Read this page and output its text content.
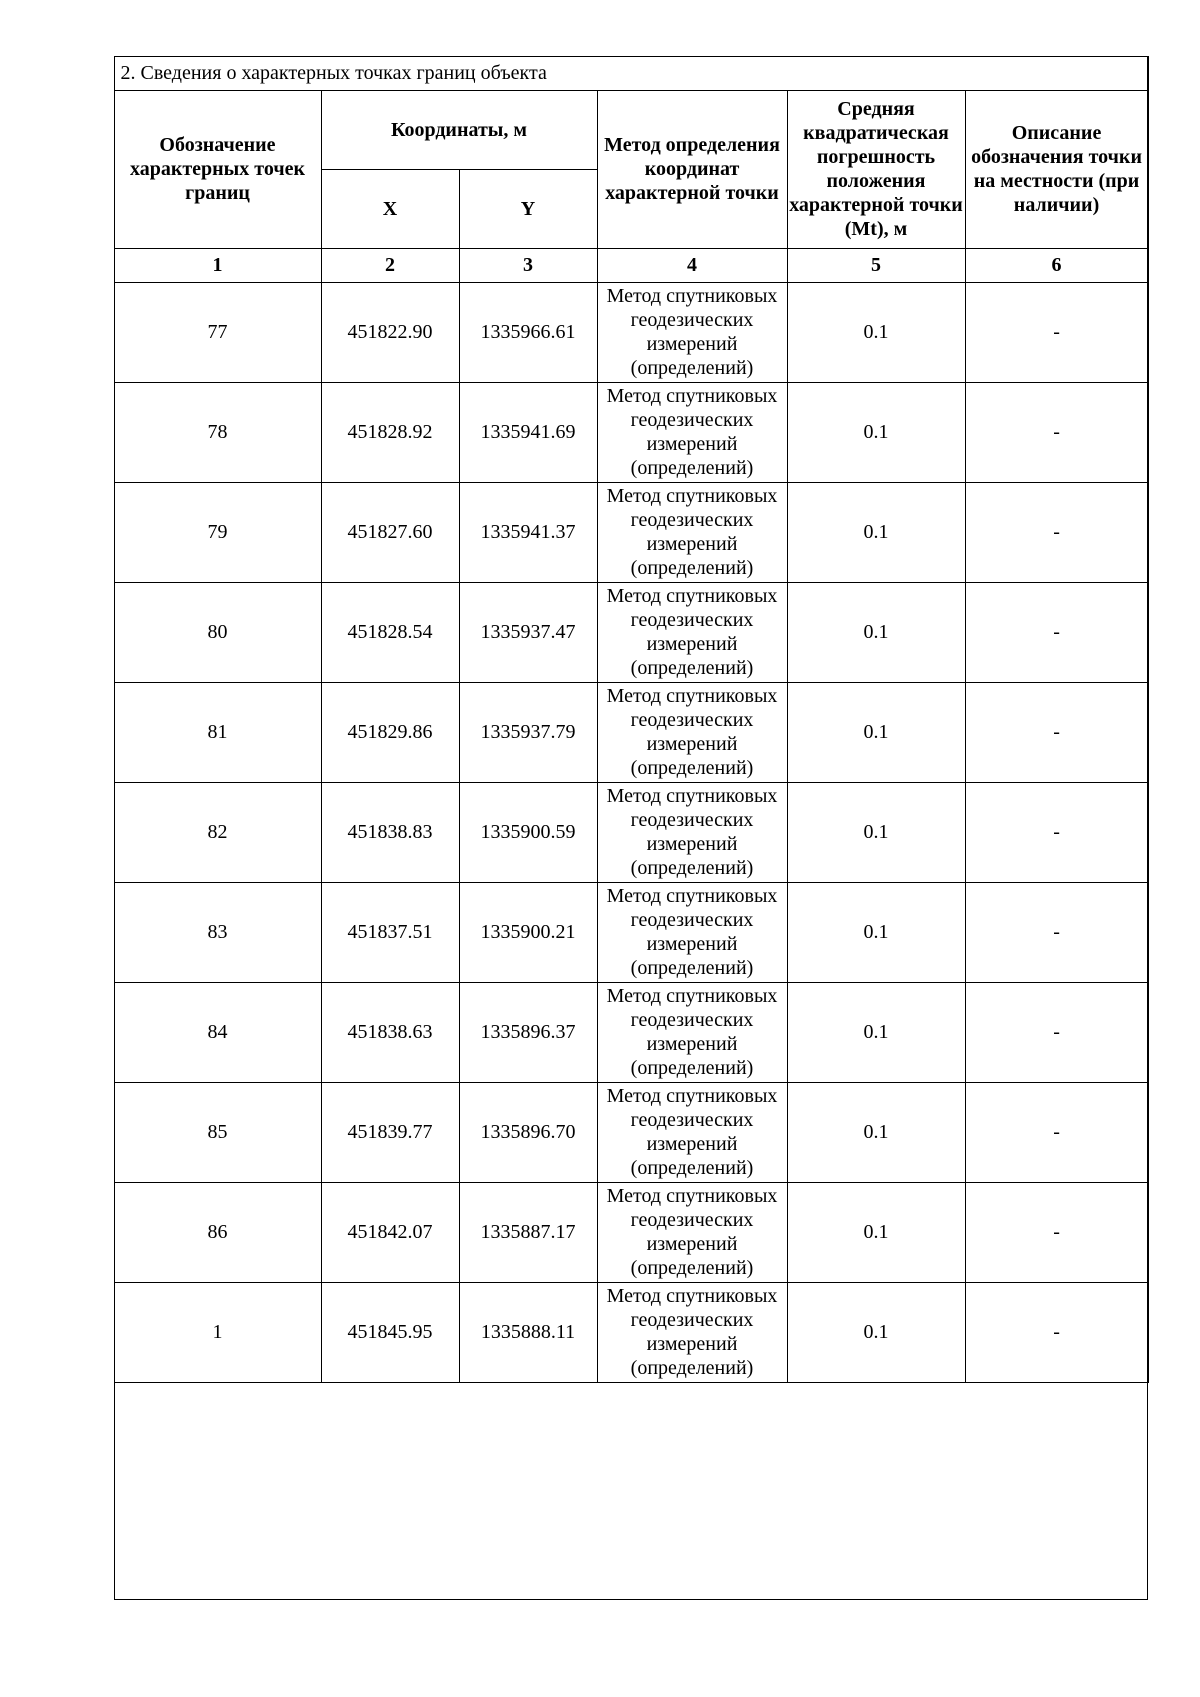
2. Сведения о характерных точках границ объекта					
Обозначение характерных точек границ	Координаты, м		Метод определения координат характерной точки	Средняя квадратическая погрешность положения характерной точки (Mt), м	Описание обозначения точки на местности (при наличии)
	X	Y			
1	2	3	4	5	6
77	451822.90	1335966.61	Метод спутниковых геодезических измерений (определений)	0.1	-
78	451828.92	1335941.69	Метод спутниковых геодезических измерений (определений)	0.1	-
79	451827.60	1335941.37	Метод спутниковых геодезических измерений (определений)	0.1	-
80	451828.54	1335937.47	Метод спутниковых геодезических измерений (определений)	0.1	-
81	451829.86	1335937.79	Метод спутниковых геодезических измерений (определений)	0.1	-
82	451838.83	1335900.59	Метод спутниковых геодезических измерений (определений)	0.1	-
83	451837.51	1335900.21	Метод спутниковых геодезических измерений (определений)	0.1	-
84	451838.63	1335896.37	Метод спутниковых геодезических измерений (определений)	0.1	-
85	451839.77	1335896.70	Метод спутниковых геодезических измерений (определений)	0.1	-
86	451842.07	1335887.17	Метод спутниковых геодезических измерений (определений)	0.1	-
1	451845.95	1335888.11	Метод спутниковых геодезических измерений (определений)	0.1	-
